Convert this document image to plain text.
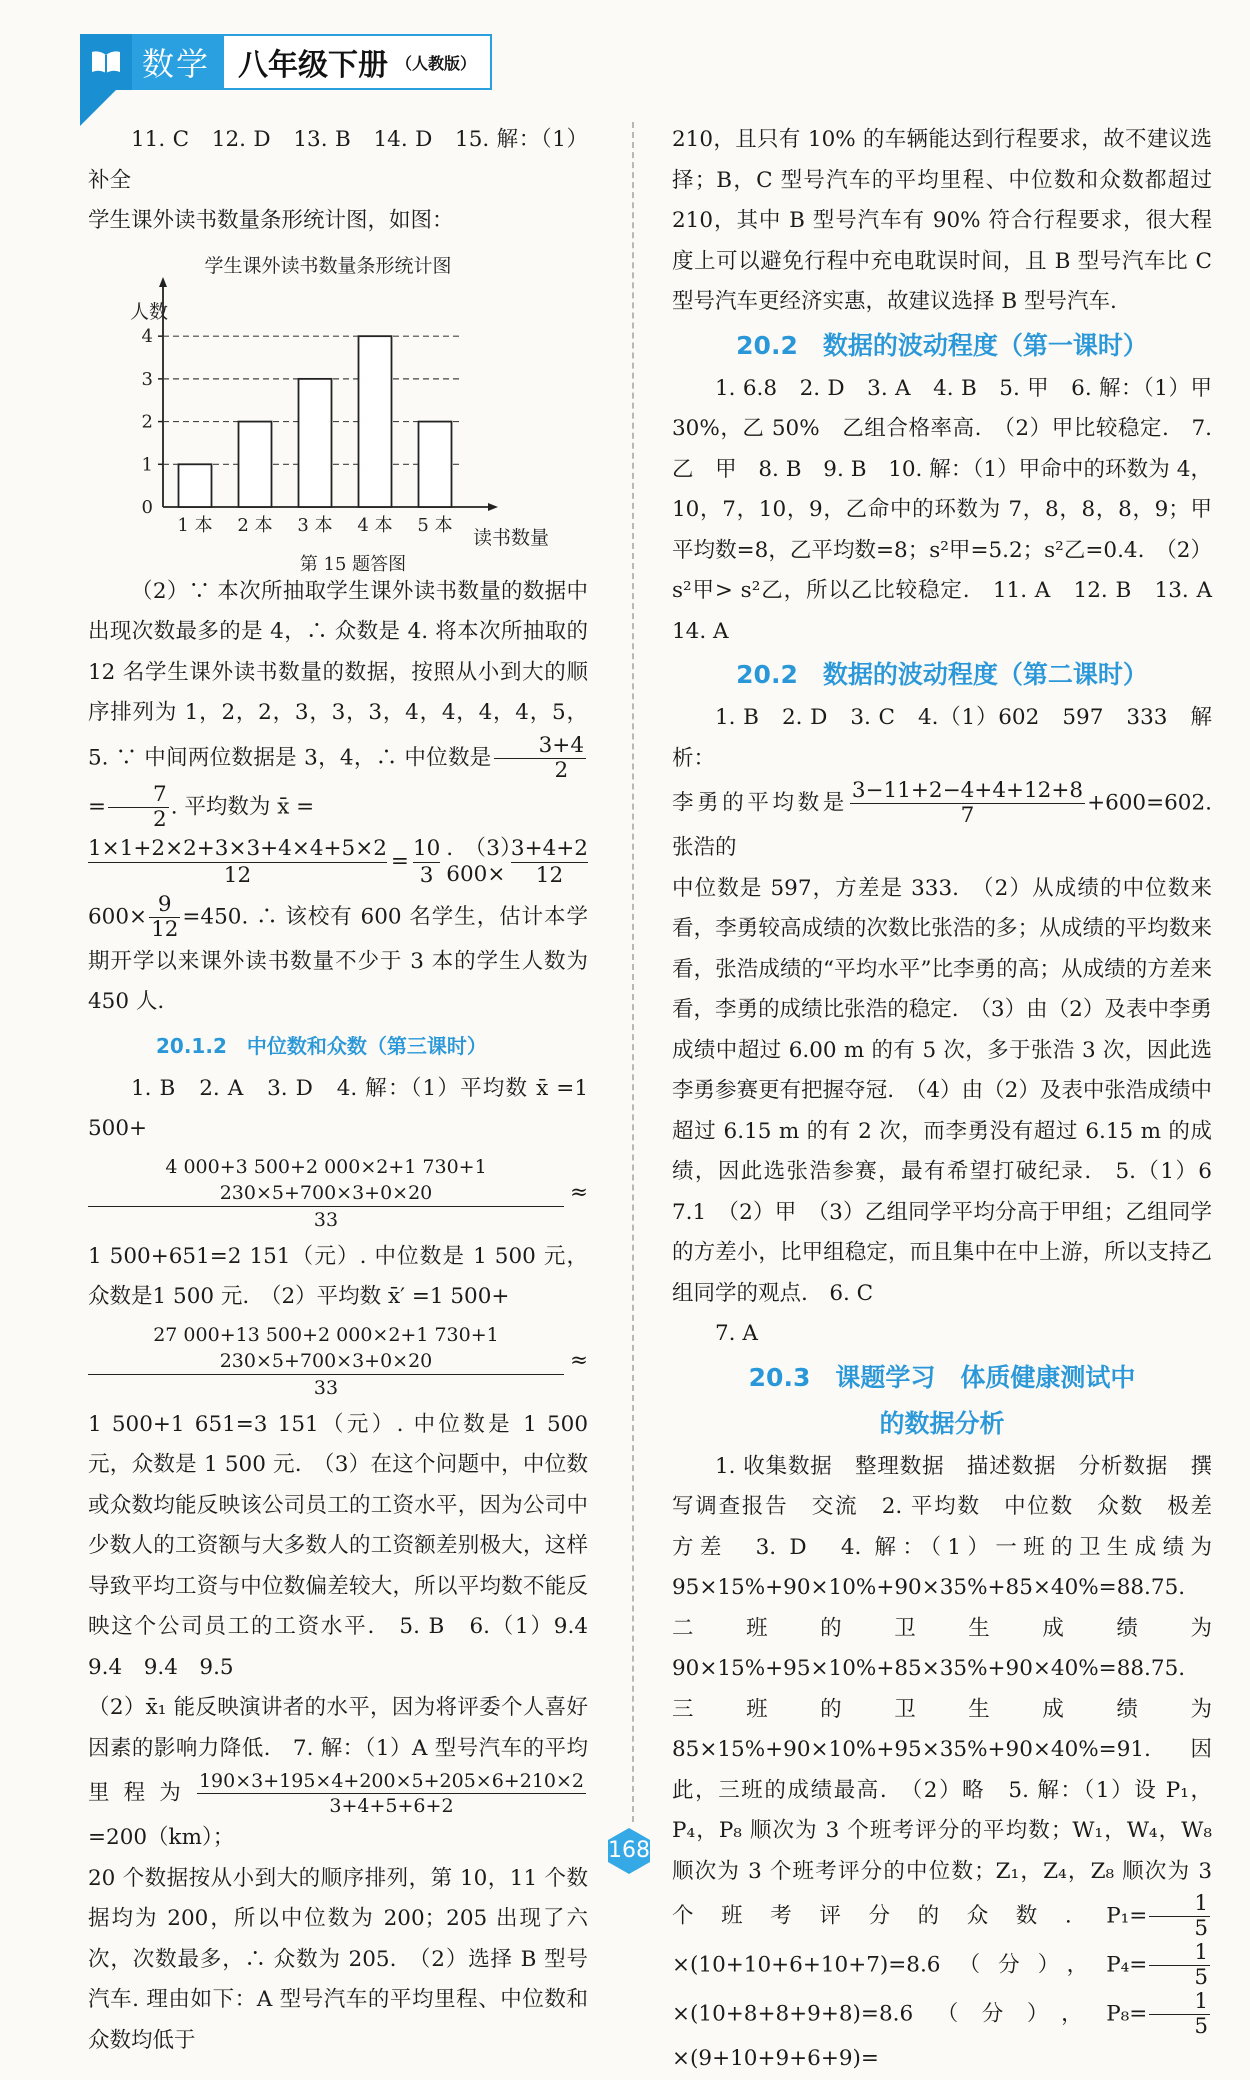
数学 八年级下册 （人教版）

11. C　12. D　13. B　14. D　15. 解：（1）补全

学生课外读书数量条形统计图，如图：

学生课外读书数量条形统计图
人数
读书数量
0
1
2
3
4
1 本 2 本 3 本 4 本 5 本
第 15 题答图

（2）∵ 本次所抽取学生课外读书数量的数据中出现次数最多的是 4，∴ 众数是 4. 将本次所抽取的 12 名学生课外读书数量的数据，按照从小到大的顺序排列为 1，2，2，3，3，3，4，4，4，4，5，5. ∵ 中间两位数据是 3，4，∴ 中位数是 $\frac{3+4}{2}$
= $\frac{7}{2}$ . 平均数为 x̄ =

$\frac{1\times 1+2\times 2+3\times 3+4\times 4+5\times 2}{12} = \frac{10}{3}$ .　$(3)600\times \frac{3+4+2}{12}$

$600\times \frac{9}{12} =450$. ∴ 该校有 600 名学生，估计本学期开学以来课外读书数量不少于 3 本的学生人数为 450 人.

20.1.2　中位数和众数（第三课时）

1. B　2. A　3. D　4. 解：（1）平均数 x̄ =1 500+

$\frac{4 000+3 500+2 000\times 2+1 730+1 230\times 5+700\times 3+0\times 20}{33}$ ≈

1 500+651=2 151（元）. 中位数是 1 500 元，众数是1 500 元.　（2）平均数 x̄′ =1 500+

$\frac{27 000+13 500+2 000\times 2+1 730+1 230\times 5+700\times 3+0\times 20}{33}$ ≈

1 500+1 651=3 151（元）. 中位数是 1 500 元，众数是 1 500 元.　（3）在这个问题中，中位数或众数均能反映该公司员工的工资水平，因为公司中少数人的工资额与大多数人的工资额差别极大，这样导致平均工资与中位数偏差较大，所以平均数不能反映这个公司员工的工资水平.　5. B　6.（1）9.4　9.4　9.4　9.5

（2）x̄₁ 能反映演讲者的水平，因为将评委个人喜好因素的影响力降低.　7. 解：（1）A 型号汽车的平均里程为 $\frac{190\times 3+195\times 4+200\times 5+205\times 6+210\times 2}{3+4+5+6+2}$
=200（km）；

20 个数据按从小到大的顺序排列，第 10，11 个数据均为 200，所以中位数为 200；205 出现了六次，次数最多，∴ 众数为 205.　（2）选择 B 型号汽车. 理由如下：A 型号汽车的平均里程、中位数和众数均低于

210，且只有 10% 的车辆能达到行程要求，故不建议选择；B，C 型号汽车的平均里程、中位数和众数都超过 210，其中 B 型号汽车有 90% 符合行程要求，很大程度上可以避免行程中充电耽误时间，且 B 型号汽车比 C 型号汽车更经济实惠，故建议选择 B 型号汽车.

20.2　数据的波动程度（第一课时）

1. 6.8　2. D　3. A　4. B　5. 甲　6. 解：（1）甲 30%，乙 50%　乙组合格率高.　（2）甲比较稳定.　7. 乙　甲　8. B　9. B　10. 解：（1）甲命中的环数为 4，10，7，10，9，乙命中的环数为 7，8，8，8，9；甲平均数=8，乙平均数=8；s²甲=5.2；s²乙=0.4.　（2）s²甲> s²乙，所以乙比较稳定.　11. A　12. B　13. A　14. A

20.2　数据的波动程度（第二课时）

1. B　2. D　3. C　4.（1）602　597　333　解析：

李勇的平均数是 $\frac{3-11+2-4+4+12+8}{7} +600=602$. 张浩的

中位数是 597，方差是 333.　（2）从成绩的中位数来看，李勇较高成绩的次数比张浩的多；从成绩的平均数来看，张浩成绩的“平均水平”比李勇的高；从成绩的方差来看，李勇的成绩比张浩的稳定.　（3）由（2）及表中李勇成绩中超过 6.00 m 的有 5 次，多于张浩 3 次，因此选李勇参赛更有把握夺冠.　（4）由（2）及表中张浩成绩中超过 6.15 m 的有 2 次，而李勇没有超过 6.15 m 的成绩，因此选张浩参赛，最有希望打破纪录.　5.（1）6　7.1　（2）甲　（3）乙组同学平均分高于甲组；乙组同学的方差小，比甲组稳定，而且集中在中上游，所以支持乙组同学的观点.　6. C

7. A

20.3　课题学习　体质健康测试中

的数据分析

1. 收集数据　整理数据　描述数据　分析数据　撰写调查报告　交流　2. 平均数　中位数　众数　极差　方差　3. D　4. 解：（1）一班的卫生成绩为 95×15%+90×10%+90×35%+85×40%=88.75. 二班的卫生成绩为 90×15%+95×10%+85×35%+90×40%=88.75. 三班的卫生成绩为 85×15%+90×10%+95×35%+90×40%=91. 因此，三班的成绩最高.　（2）略　5. 解：（1）设 P₁，P₄，P₈ 顺次为 3 个班考评分的平均数；W₁，W₄，W₈ 顺次为 3 个班考评分的中位数；Z₁，Z₄，Z₈ 顺次为 3 个班考评分的众数. $P_1= \frac{1}{5}$
×(10+10+6+10+7)=8.6（分），$P_4= \frac{1}{5}$
×(10+8+8+9+8)=8.6（分），$P_8= \frac{1}{5}$
×(9+10+9+6+9)=

168
